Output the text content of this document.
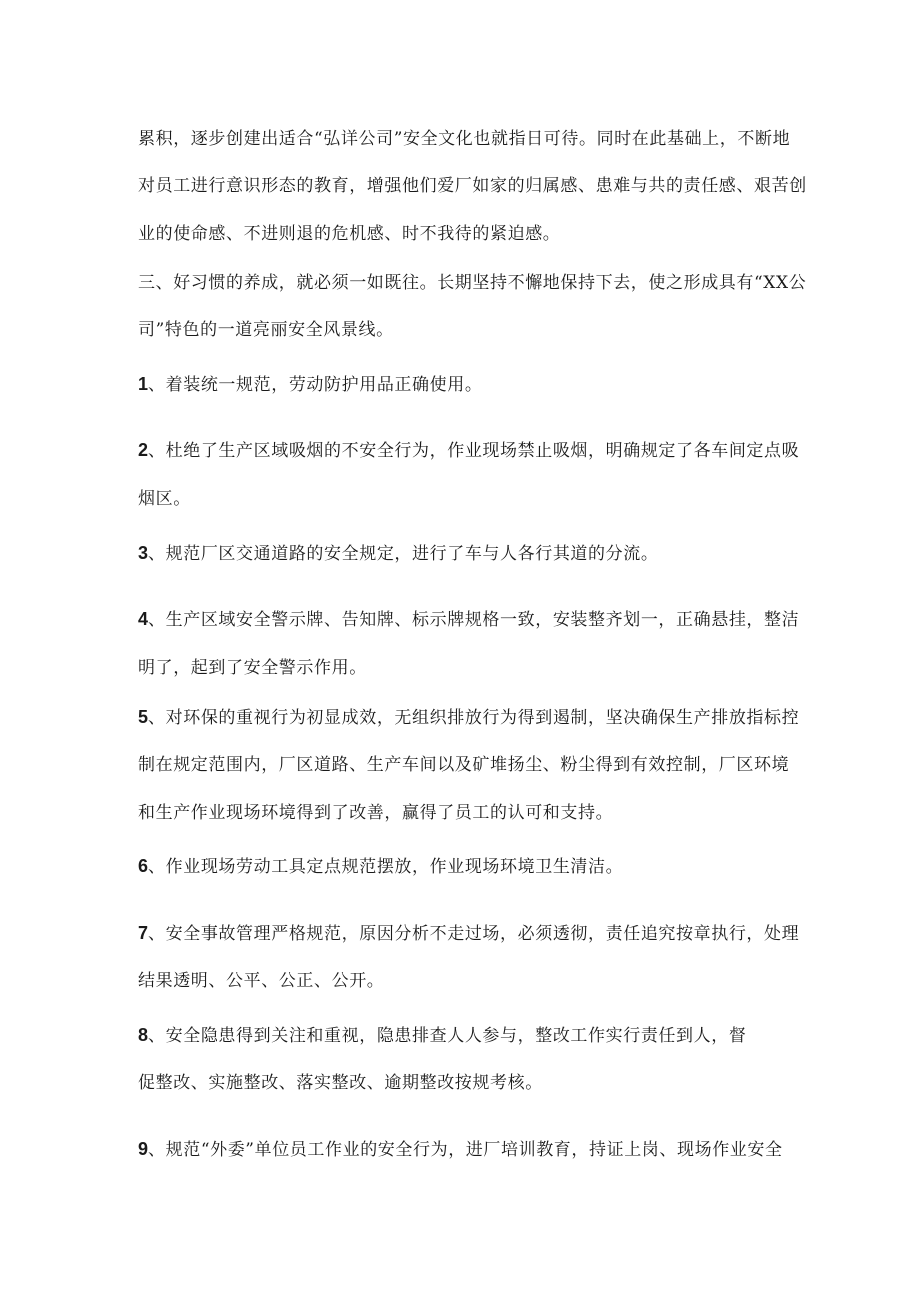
累积，逐步创建出适合“弘详公司”安全文化也就指日可待。同时在此基础上，不断地
对员工进行意识形态的教育，增强他们爱厂如家的归属感、患难与共的责任感、艰苦创
业的使命感、不进则退的危机感、时不我待的紧迫感。
三、好习惯的养成，就必须一如既往。长期坚持不懈地保持下去，使之形成具有“XX公
司”特色的一道亮丽安全风景线。
1、着装统一规范，劳动防护用品正确使用。
2、杜绝了生产区域吸烟的不安全行为，作业现场禁止吸烟，明确规定了各车间定点吸
烟区。
3、规范厂区交通道路的安全规定，进行了车与人各行其道的分流。
4、生产区域安全警示牌、告知牌、标示牌规格一致，安装整齐划一，正确悬挂，整洁
明了，起到了安全警示作用。
5、对环保的重视行为初显成效，无组织排放行为得到遏制，坚决确保生产排放指标控
制在规定范围内，厂区道路、生产车间以及矿堆扬尘、粉尘得到有效控制，厂区环境
和生产作业现场环境得到了改善，赢得了员工的认可和支持。
6、作业现场劳动工具定点规范摆放，作业现场环境卫生清洁。
7、安全事故管理严格规范，原因分析不走过场，必须透彻，责任追究按章执行，处理
结果透明、公平、公正、公开。
8、安全隐患得到关注和重视，隐患排查人人参与，整改工作实行责任到人，督
促整改、实施整改、落实整改、逾期整改按规考核。
9、规范“外委”单位员工作业的安全行为，进厂培训教育，持证上岗、现场作业安全
